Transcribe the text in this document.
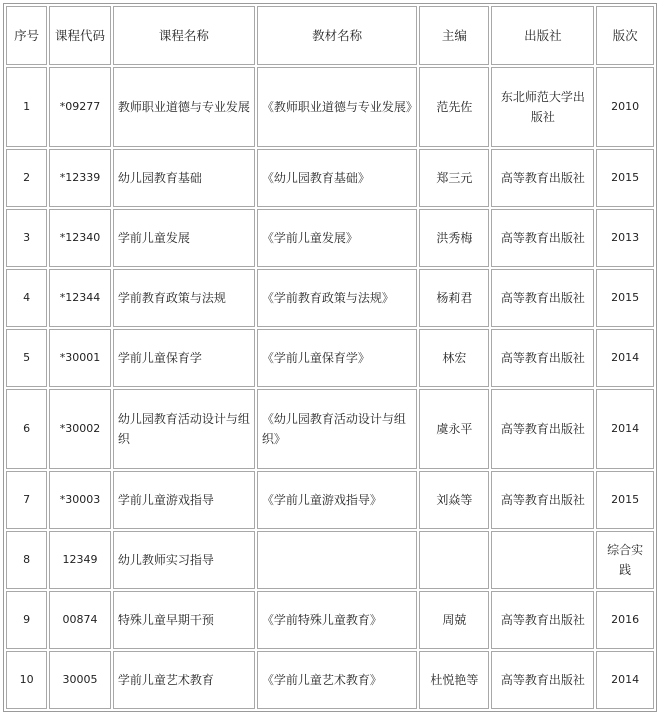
序号	课程代码	课程名称	教材名称	主编	出版社	版次
1	*09277	教师职业道德与专业发展	《教师职业道德与专业发展》	范先佐	东北师范大学出版社	2010
2	*12339	幼儿园教育基础	《幼儿园教育基础》	郑三元	高等教育出版社	2015
3	*12340	学前儿童发展	《学前儿童发展》	洪秀梅	高等教育出版社	2013
4	*12344	学前教育政策与法规	《学前教育政策与法规》	杨莉君	高等教育出版社	2015
5	*30001	学前儿童保育学	《学前儿童保育学》	林宏	高等教育出版社	2014
6	*30002	幼儿园教育活动设计与组织	《幼儿园教育活动设计与组织》	虞永平	高等教育出版社	2014
7	*30003	学前儿童游戏指导	《学前儿童游戏指导》	刘焱等	高等教育出版社	2015
8	12349	幼儿教师实习指导				综合实践
9	00874	特殊儿童早期干预	《学前特殊儿童教育》	周兢	高等教育出版社	2016
10	30005	学前儿童艺术教育	《学前儿童艺术教育》	杜悦艳等	高等教育出版社	2014
